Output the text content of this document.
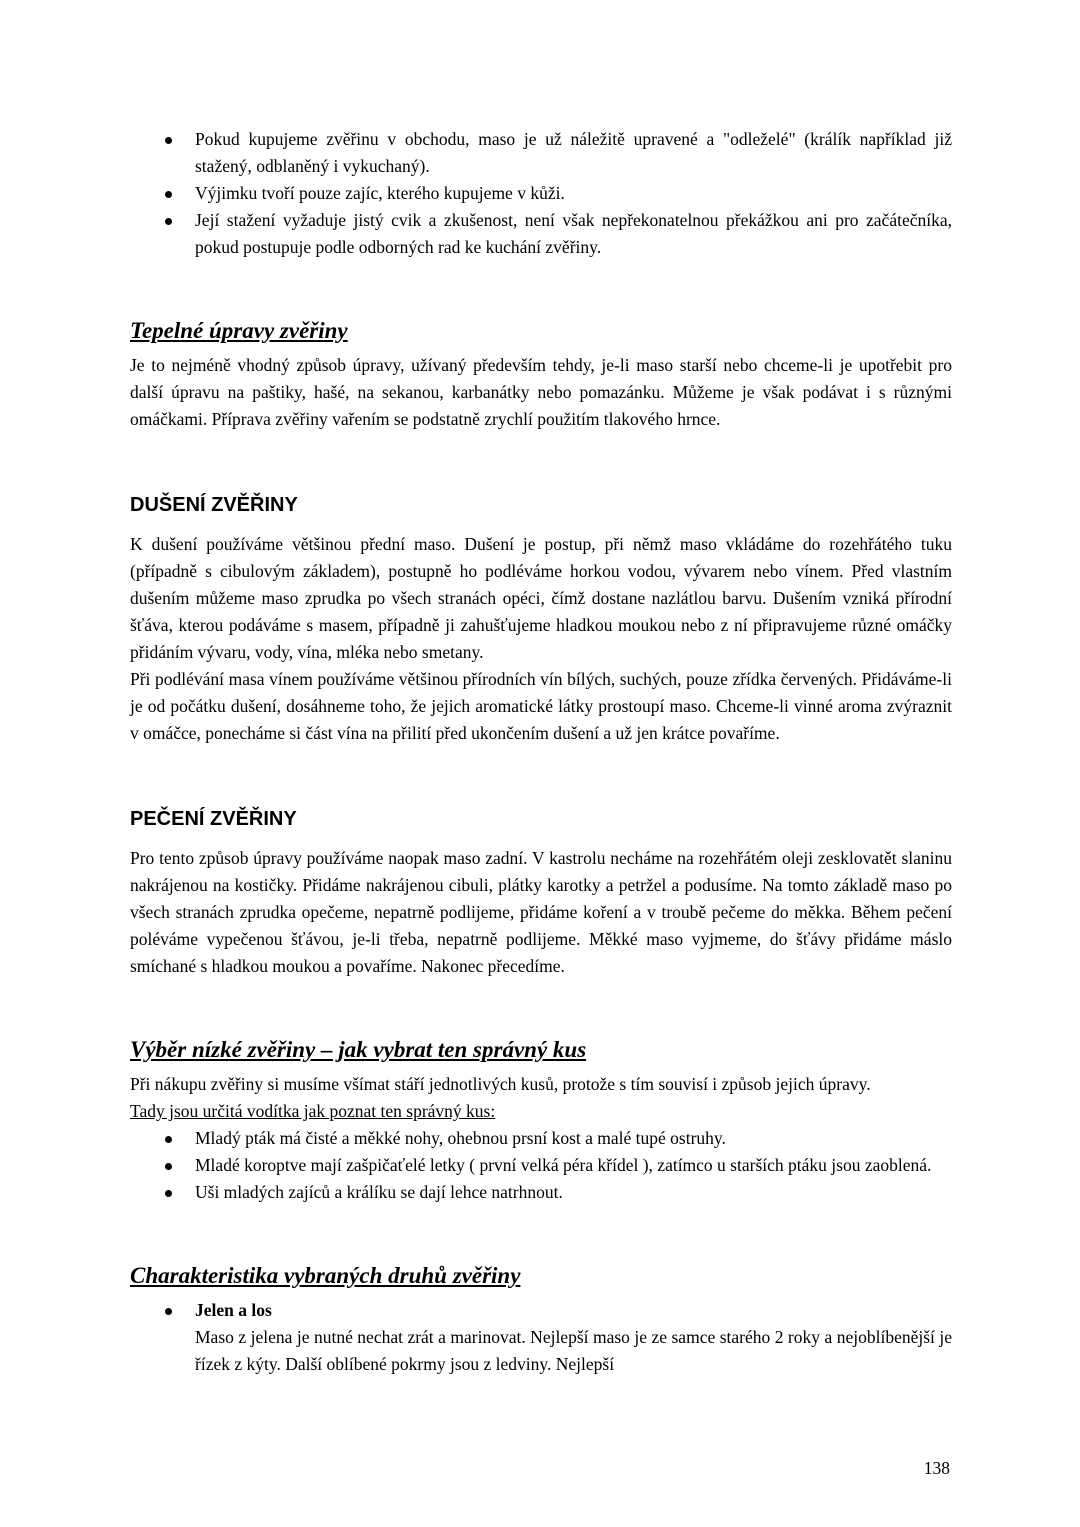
Pokud kupujeme zvěřinu v obchodu, maso je už náležitě upravené a "odleželé" (králík například již stažený, odblaněný i vykuchaný).
Výjimku tvoří pouze zajíc, kterého kupujeme v kůži.
Její stažení vyžaduje jistý cvik a zkušenost, není však nepřekonatelnou překážkou ani pro začátečníka, pokud postupuje podle odborných rad ke kuchání zvěřiny.
Tepelné úpravy zvěřiny

Je to nejméně vhodný způsob úpravy, užívaný především tehdy, je-li maso starší nebo chceme-li je upotřebit pro další úpravu na paštiky, hašé, na sekanou, karbanátky nebo pomazánku. Můžeme je však podávat i s různými omáčkami. Příprava zvěřiny vařením se podstatně zrychlí použitím tlakového hrnce.

DUŠENÍ ZVĚŘINY

K dušení používáme většinou přední maso. Dušení je postup, při němž maso vkládáme do rozehřátého tuku (případně s cibulovým základem), postupně ho podléváme horkou vodou, vývarem nebo vínem. Před vlastním dušením můžeme maso zprudka po všech stranách opéci, čímž dostane nazlátlou barvu. Dušením vzniká přírodní šťáva, kterou podáváme s masem, případně ji zahušťujeme hladkou moukou nebo z ní připravujeme různé omáčky přidáním vývaru, vody, vína, mléka nebo smetany.

Při podlévání masa vínem používáme většinou přírodních vín bílých, suchých, pouze zřídka červených. Přidáváme-li je od počátku dušení, dosáhneme toho, že jejich aromatické látky prostoupí maso. Chceme-li vinné aroma zvýraznit v omáčce, ponecháme si část vína na přilití před ukončením dušení a už jen krátce povaříme.

PEČENÍ ZVĚŘINY

Pro tento způsob úpravy používáme naopak maso zadní. V kastrolu necháme na rozehřátém oleji zesklovatět slaninu nakrájenou na kostičky. Přidáme nakrájenou cibuli, plátky karotky a petržel a podusíme. Na tomto základě maso po všech stranách zprudka opečeme, nepatrně podlijeme, přidáme koření a v troubě pečeme do měkka. Během pečení poléváme vypečenou šťávou, je-li třeba, nepatrně podlijeme. Měkké maso vyjmeme, do šťávy přidáme máslo smíchané s hladkou moukou a povaříme. Nakonec přecedíme.

Výběr nízké zvěřiny – jak vybrat ten správný kus

Při nákupu zvěřiny si musíme všímat stáří jednotlivých kusů, protože s tím souvisí i způsob jejich úpravy.

Tady jsou určitá vodítka jak poznat ten správný kus:

Mladý pták má čisté a měkké nohy, ohebnou prsní kost a malé tupé ostruhy.
Mladé koroptve mají zašpičaťelé letky ( první velká péra křídel ), zatímco u starších ptáku jsou zaoblená.
Uši mladých zajíců a králíku se dají lehce natrhnout.
Charakteristika vybraných druhů zvěřiny
Jelen a los

Maso z jelena je nutné nechat zrát a marinovat. Nejlepší maso je ze samce starého 2 roky a nejoblíbenější je řízek z kýty. Další oblíbené pokrmy jsou z ledviny. Nejlepší

138
